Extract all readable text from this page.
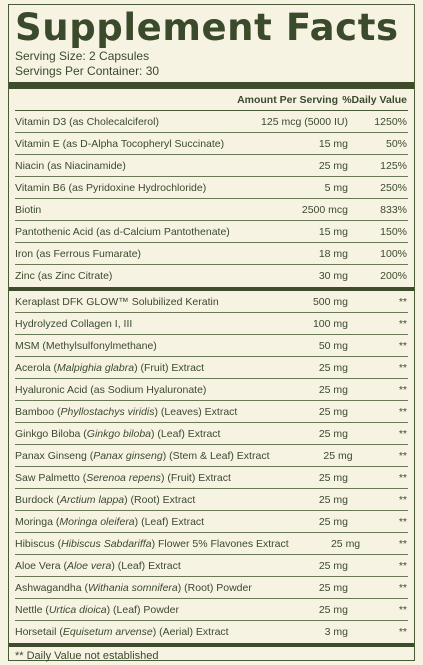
Supplement Facts
Serving Size: 2 Capsules
Servings Per Container: 30
Amount Per Serving %Daily Value
Vitamin D3 (as Cholecalciferol)	125 mcg (5000 IU)	1250%
Vitamin E (as D-Alpha Tocopheryl Succinate)	15 mg	50%
Niacin (as Niacinamide)	25 mg	125%
Vitamin B6 (as Pyridoxine Hydrochloride)	5 mg	250%
Biotin	2500 mcg	833%
Pantothenic Acid (as d-Calcium Pantothenate)	15 mg	150%
Iron (as Ferrous Fumarate)	18 mg	100%
Zinc (as Zinc Citrate)	30 mg	200%
Keraplast DFK GLOW™ Solubilized Keratin	500 mg	**
Hydrolyzed Collagen I, III	100 mg	**
MSM (Methylsulfonylmethane)	50 mg	**
Acerola (Malpighia glabra) (Fruit) Extract	25 mg	**
Hyaluronic Acid (as Sodium Hyaluronate)	25 mg	**
Bamboo (Phyllostachys viridis) (Leaves) Extract	25 mg	**
Ginkgo Biloba (Ginkgo biloba) (Leaf) Extract	25 mg	**
Panax Ginseng (Panax ginseng) (Stem & Leaf) Extract	25 mg	**
Saw Palmetto (Serenoa repens) (Fruit) Extract	25 mg	**
Burdock (Arctium lappa) (Root) Extract	25 mg	**
Moringa (Moringa oleifera) (Leaf) Extract	25 mg	**
Hibiscus (Hibiscus Sabdariffa) Flower 5% Flavones Extract	25 mg	**
Aloe Vera (Aloe vera) (Leaf) Extract	25 mg	**
Ashwagandha (Withania somnifera) (Root) Powder	25 mg	**
Nettle (Urtica dioica) (Leaf) Powder	25 mg	**
Horsetail (Equisetum arvense) (Aerial) Extract	3 mg	**
** Daily Value not established
